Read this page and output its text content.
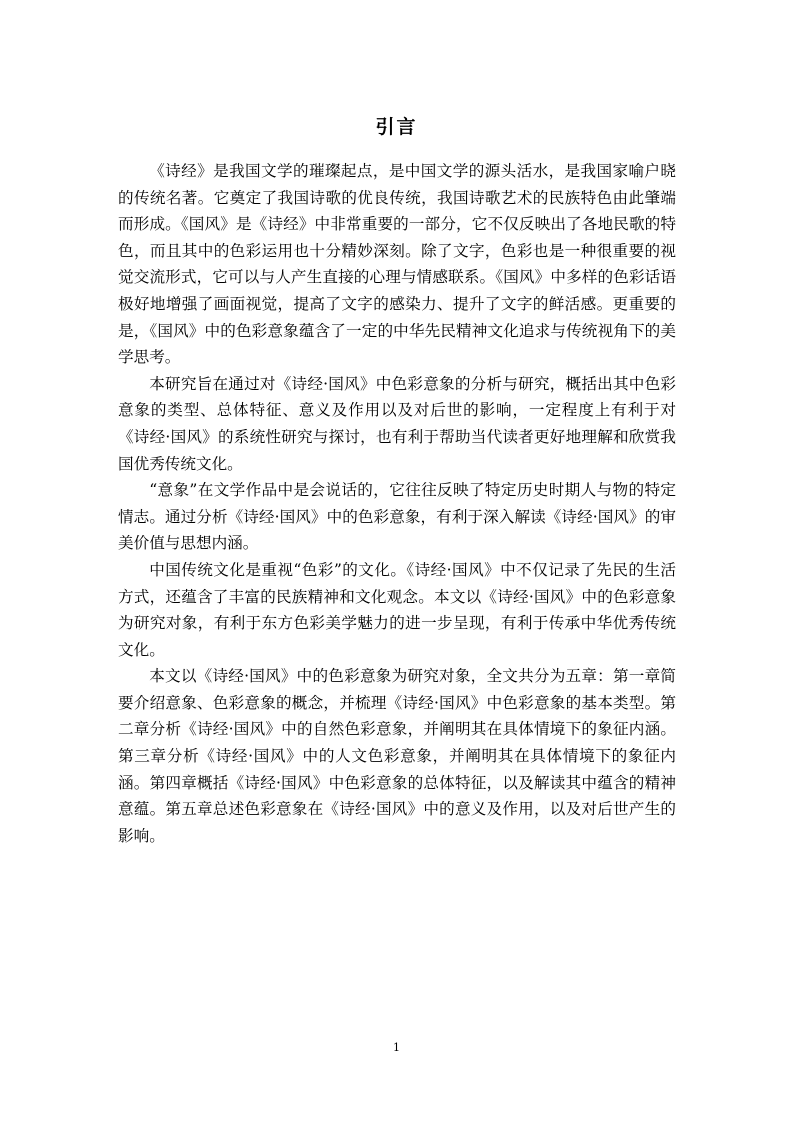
引言

《诗经》是我国文学的璀璨起点，是中国文学的源头活水，是我国家喻户晓的传统名著。它奠定了我国诗歌的优良传统，我国诗歌艺术的民族特色由此肇端而形成。《国风》是《诗经》中非常重要的一部分，它不仅反映出了各地民歌的特色，而且其中的色彩运用也十分精妙深刻。除了文字，色彩也是一种很重要的视觉交流形式，它可以与人产生直接的心理与情感联系。《国风》中多样的色彩话语极好地增强了画面视觉，提高了文字的感染力、提升了文字的鲜活感。更重要的是，《国风》中的色彩意象蕴含了一定的中华先民精神文化追求与传统视角下的美学思考。

本研究旨在通过对《诗经·国风》中色彩意象的分析与研究，概括出其中色彩意象的类型、总体特征、意义及作用以及对后世的影响，一定程度上有利于对《诗经·国风》的系统性研究与探讨，也有利于帮助当代读者更好地理解和欣赏我国优秀传统文化。

“意象”在文学作品中是会说话的，它往往反映了特定历史时期人与物的特定情志。通过分析《诗经·国风》中的色彩意象，有利于深入解读《诗经·国风》的审美价值与思想内涵。

中国传统文化是重视“色彩”的文化。《诗经·国风》中不仅记录了先民的生活方式，还蕴含了丰富的民族精神和文化观念。本文以《诗经·国风》中的色彩意象为研究对象，有利于东方色彩美学魅力的进一步呈现，有利于传承中华优秀传统文化。

本文以《诗经·国风》中的色彩意象为研究对象，全文共分为五章：第一章简要介绍意象、色彩意象的概念，并梳理《诗经·国风》中色彩意象的基本类型。第二章分析《诗经·国风》中的自然色彩意象，并阐明其在具体情境下的象征内涵。第三章分析《诗经·国风》中的人文色彩意象，并阐明其在具体情境下的象征内涵。第四章概括《诗经·国风》中色彩意象的总体特征，以及解读其中蕴含的精神意蕴。第五章总述色彩意象在《诗经·国风》中的意义及作用，以及对后世产生的影响。

1
